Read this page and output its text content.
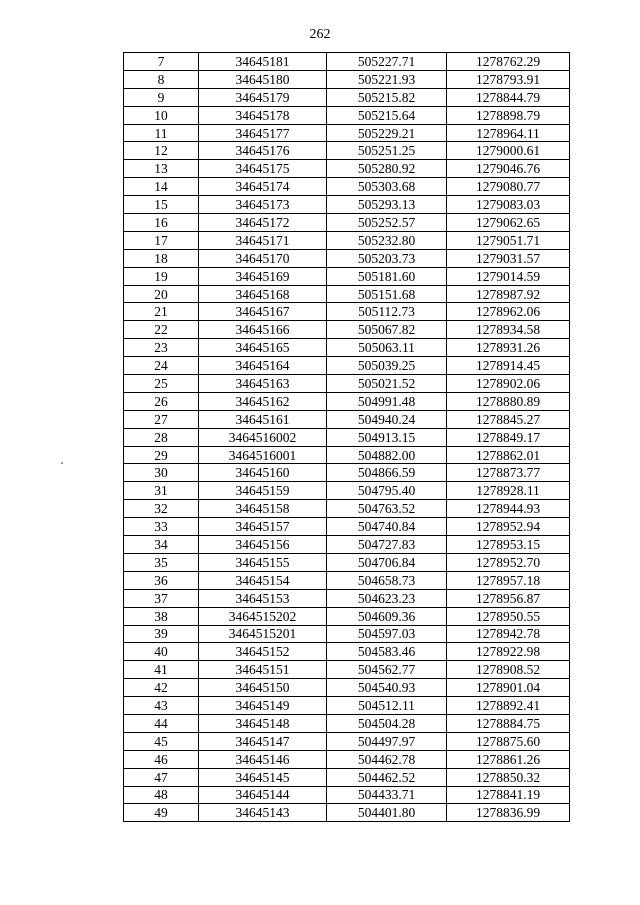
262
7	34645181	505227.71	1278762.29
8	34645180	505221.93	1278793.91
9	34645179	505215.82	1278844.79
10	34645178	505215.64	1278898.79
11	34645177	505229.21	1278964.11
12	34645176	505251.25	1279000.61
13	34645175	505280.92	1279046.76
14	34645174	505303.68	1279080.77
15	34645173	505293.13	1279083.03
16	34645172	505252.57	1279062.65
17	34645171	505232.80	1279051.71
18	34645170	505203.73	1279031.57
19	34645169	505181.60	1279014.59
20	34645168	505151.68	1278987.92
21	34645167	505112.73	1278962.06
22	34645166	505067.82	1278934.58
23	34645165	505063.11	1278931.26
24	34645164	505039.25	1278914.45
25	34645163	505021.52	1278902.06
26	34645162	504991.48	1278880.89
27	34645161	504940.24	1278845.27
28	3464516002	504913.15	1278849.17
29	3464516001	504882.00	1278862.01
30	34645160	504866.59	1278873.77
31	34645159	504795.40	1278928.11
32	34645158	504763.52	1278944.93
33	34645157	504740.84	1278952.94
34	34645156	504727.83	1278953.15
35	34645155	504706.84	1278952.70
36	34645154	504658.73	1278957.18
37	34645153	504623.23	1278956.87
38	3464515202	504609.36	1278950.55
39	3464515201	504597.03	1278942.78
40	34645152	504583.46	1278922.98
41	34645151	504562.77	1278908.52
42	34645150	504540.93	1278901.04
43	34645149	504512.11	1278892.41
44	34645148	504504.28	1278884.75
45	34645147	504497.97	1278875.60
46	34645146	504462.78	1278861.26
47	34645145	504462.52	1278850.32
48	34645144	504433.71	1278841.19
49	34645143	504401.80	1278836.99
